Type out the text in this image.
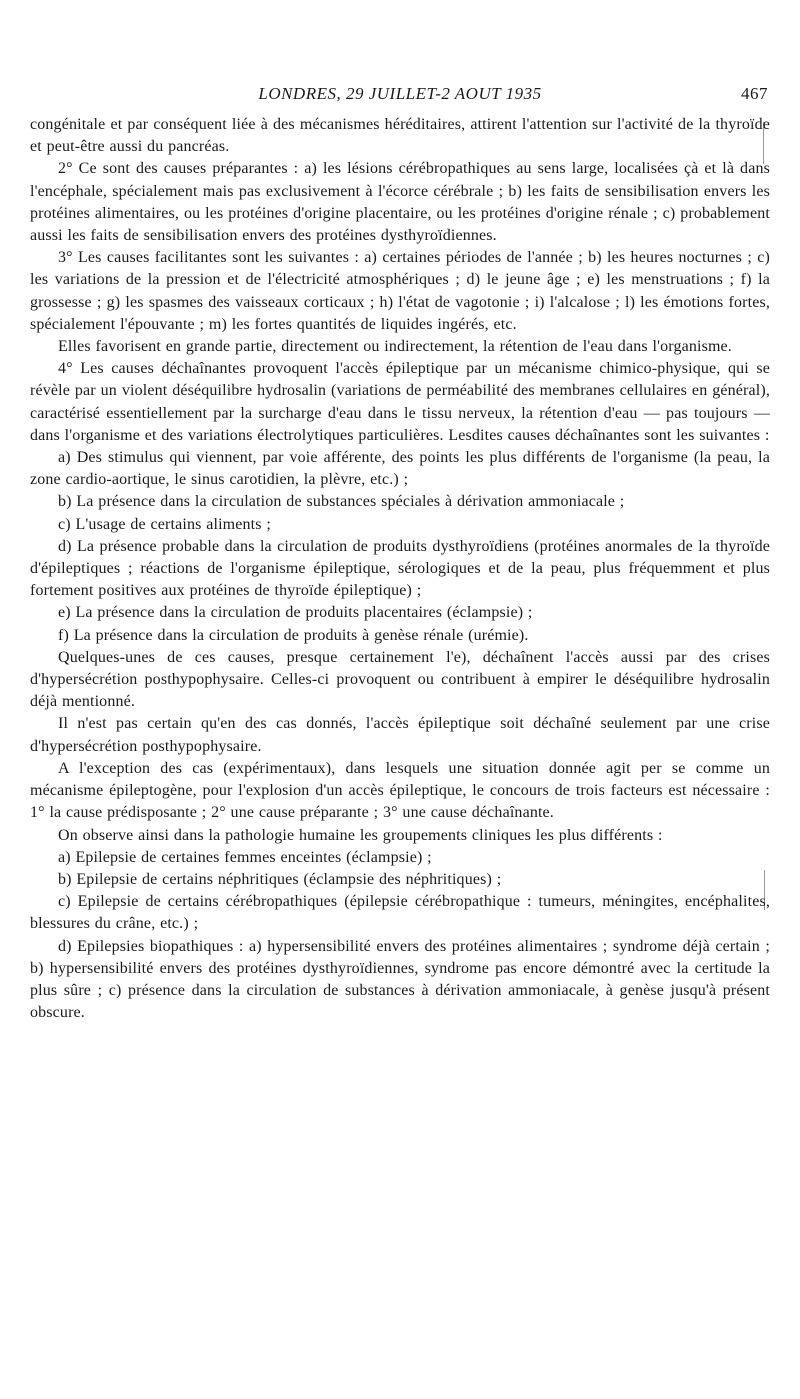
LONDRES, 29 JUILLET-2 AOUT 1935	467

congénitale et par conséquent liée à des mécanismes héréditaires, attirent l'attention sur l'activité de la thyroïde et peut-être aussi du pancréas.

2° Ce sont des causes préparantes : a) les lésions cérébropathiques au sens large, localisées çà et là dans l'encéphale, spécialement mais pas exclusivement à l'écorce cérébrale ; b) les faits de sensibilisation envers les protéines alimentaires, ou les protéines d'origine placentaire, ou les protéines d'origine rénale ; c) probablement aussi les faits de sensibilisation envers des protéines dysthyroïdiennes.

3° Les causes facilitantes sont les suivantes : a) certaines périodes de l'année ; b) les heures nocturnes ; c) les variations de la pression et de l'électricité atmosphériques ; d) le jeune âge ; e) les menstruations ; f) la grossesse ; g) les spasmes des vaisseaux corticaux ; h) l'état de vagotonie ; i) l'alcalose ; l) les émotions fortes, spécialement l'épouvante ; m) les fortes quantités de liquides ingérés, etc.

Elles favorisent en grande partie, directement ou indirectement, la rétention de l'eau dans l'organisme.

4° Les causes déchaînantes provoquent l'accès épileptique par un mécanisme chimico-physique, qui se révèle par un violent déséquilibre hydrosalin (variations de perméabilité des membranes cellulaires en général), caractérisé essentiellement par la surcharge d'eau dans le tissu nerveux, la rétention d'eau — pas toujours — dans l'organisme et des variations électrolytiques particulières. Lesdites causes déchaînantes sont les suivantes :

a) Des stimulus qui viennent, par voie afférente, des points les plus différents de l'organisme (la peau, la zone cardio-aortique, le sinus carotidien, la plèvre, etc.) ;

b) La présence dans la circulation de substances spéciales à dérivation ammoniacale ;

c) L'usage de certains aliments ;

d) La présence probable dans la circulation de produits dysthyroïdiens (protéines anormales de la thyroïde d'épileptiques ; réactions de l'organisme épileptique, sérologiques et de la peau, plus fréquemment et plus fortement positives aux protéines de thyroïde épileptique) ;

e) La présence dans la circulation de produits placentaires (éclampsie) ;

f) La présence dans la circulation de produits à genèse rénale (urémie).

Quelques-unes de ces causes, presque certainement l'e), déchaînent l'accès aussi par des crises d'hypersécrétion posthypophysaire. Celles-ci provoquent ou contribuent à empirer le déséquilibre hydrosalin déjà mentionné.

Il n'est pas certain qu'en des cas donnés, l'accès épileptique soit déchaîné seulement par une crise d'hypersécrétion posthypophysaire.

A l'exception des cas (expérimentaux), dans lesquels une situation donnée agit per se comme un mécanisme épileptogène, pour l'explosion d'un accès épileptique, le concours de trois facteurs est nécessaire : 1° la cause prédisposante ; 2° une cause préparante ; 3° une cause déchaînante.

On observe ainsi dans la pathologie humaine les groupements cliniques les plus différents :

a) Epilepsie de certaines femmes enceintes (éclampsie) ;

b) Epilepsie de certains néphritiques (éclampsie des néphritiques) ;

c) Epilepsie de certains cérébropathiques (épilepsie cérébropathique : tumeurs, méningites, encéphalites, blessures du crâne, etc.) ;

d) Epilepsies biopathiques : a) hypersensibilité envers des protéines alimentaires ; syndrome déjà certain ; b) hypersensibilité envers des protéines dysthyroïdiennes, syndrome pas encore démontré avec la certitude la plus sûre ; c) présence dans la circulation de substances à dérivation ammoniacale, à genèse jusqu'à présent obscure.
